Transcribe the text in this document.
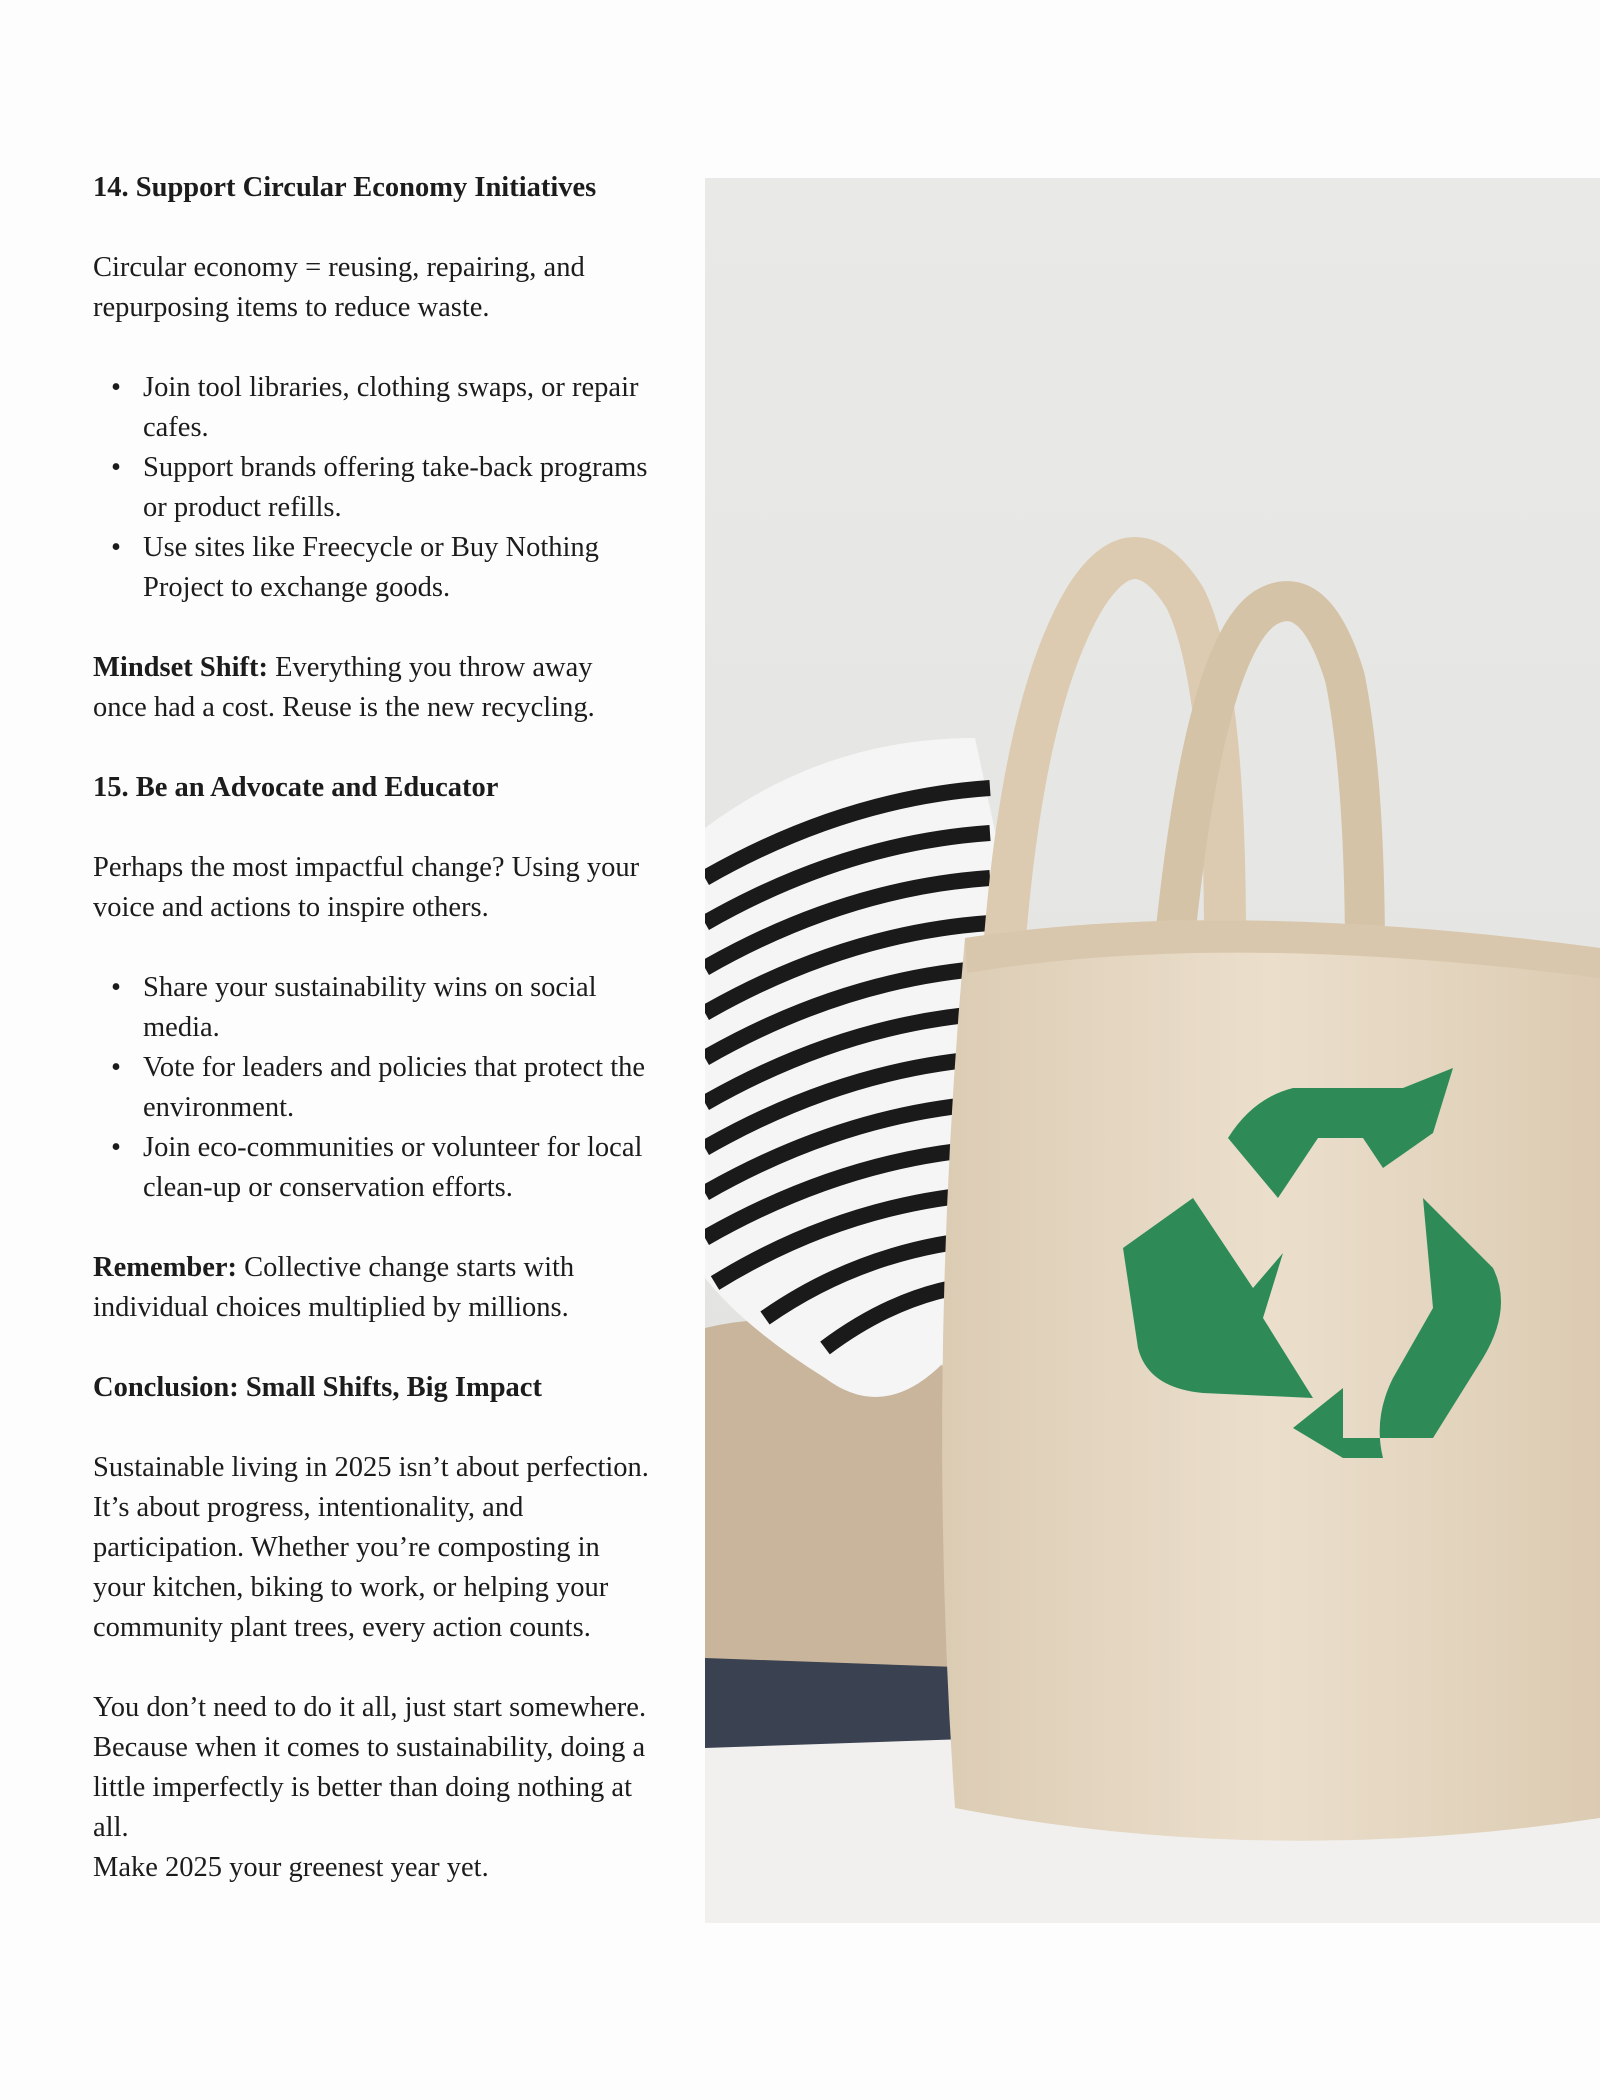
14. Support Circular Economy Initiatives

Circular economy = reusing, repairing, and repurposing items to reduce waste.

• Join tool libraries, clothing swaps, or repair cafes.
• Support brands offering take-back programs or product refills.
• Use sites like Freecycle or Buy Nothing Project to exchange goods.

Mindset Shift: Everything you throw away once had a cost. Reuse is the new recycling.

15. Be an Advocate and Educator

Perhaps the most impactful change? Using your voice and actions to inspire others.

• Share your sustainability wins on social media.
• Vote for leaders and policies that protect the environment.
• Join eco-communities or volunteer for local clean-up or conservation efforts.

Remember: Collective change starts with individual choices multiplied by millions.

Conclusion: Small Shifts, Big Impact

Sustainable living in 2025 isn’t about perfection. It’s about progress, intentionality, and participation. Whether you’re composting in your kitchen, biking to work, or helping your community plant trees, every action counts.

You don’t need to do it all, just start somewhere. Because when it comes to sustainability, doing a little imperfectly is better than doing nothing at all.

Make 2025 your greenest year yet.
